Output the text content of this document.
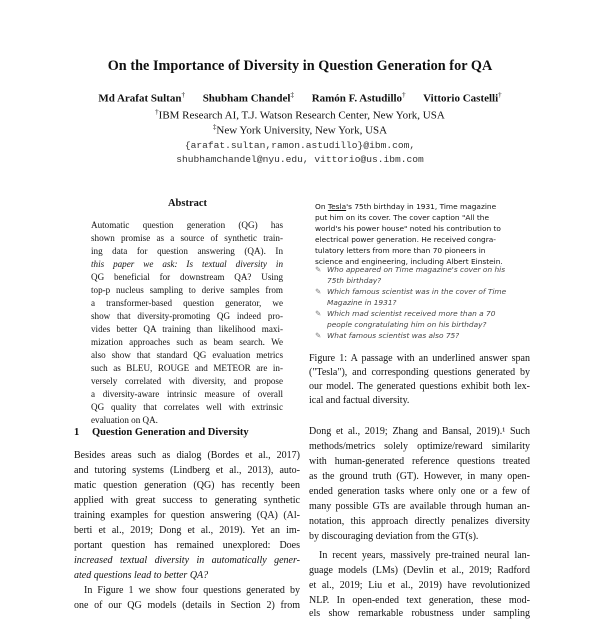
On the Importance of Diversity in Question Generation for QA
Md Arafat Sultan† Shubham Chandel‡ Ramón F. Astudillo† Vittorio Castelli†
†IBM Research AI, T.J. Watson Research Center, New York, USA
‡New York University, New York, USA
{arafat.sultan,ramon.astudillo}@ibm.com,
shubhamchandel@nyu.edu, vittorio@us.ibm.com
Abstract
Automatic question generation (QG) has
shown promise as a source of synthetic train-
ing data for question answering (QA). In
this paper we ask: Is textual diversity in
QG beneficial for downstream QA? Using
top-p nucleus sampling to derive samples from
a transformer-based question generator, we
show that diversity-promoting QG indeed pro-
vides better QA training than likelihood maxi-
mization approaches such as beam search. We
also show that standard QG evaluation metrics
such as BLEU, ROUGE and METEOR are in-
versely correlated with diversity, and propose
a diversity-aware intrinsic measure of overall
QG quality that correlates well with extrinsic
evaluation on QA.
1 Question Generation and Diversity
Besides areas such as dialog (Bordes et al., 2017)
and tutoring systems (Lindberg et al., 2013), auto-
matic question generation (QG) has recently been
applied with great success to generating synthetic
training examples for question answering (QA) (Al-
berti et al., 2019; Dong et al., 2019). Yet an im-
portant question has remained unexplored: Does
increased textual diversity in automatically gener-
ated questions lead to better QA?
In Figure 1 we show four questions generated by
one of our QG models (details in Section 2) from
On Tesla's 75th birthday in 1931, Time magazine
put him on its cover. The cover caption "All the
world's his power house" noted his contribution to
electrical power generation. He received congra-
tulatory letters from more than 70 pioneers in
science and engineering, including Albert Einstein.
✎ Who appeared on Time magazine's cover on his
75th birthday?
✎ Which famous scientist was in the cover of Time
Magazine in 1931?
✎ Which mad scientist received more than a 70
people congratulating him on his birthday?
✎ What famous scientist was also 75?
Figure 1: A passage with an underlined answer span
("Tesla"), and corresponding questions generated by
our model. The generated questions exhibit both lex-
ical and factual diversity.
Dong et al., 2019; Zhang and Bansal, 2019).¹ Such
methods/metrics solely optimize/reward similarity
with human-generated reference questions treated
as the ground truth (GT). However, in many open-
ended generation tasks where only one or a few of
many possible GTs are available through human an-
notation, this approach directly penalizes diversity
by discouraging deviation from the GT(s).
In recent years, massively pre-trained neural lan-
guage models (LMs) (Devlin et al., 2019; Radford
et al., 2019; Liu et al., 2019) have revolutionized
NLP. In open-ended text generation, these mod-
els show remarkable robustness under sampling
